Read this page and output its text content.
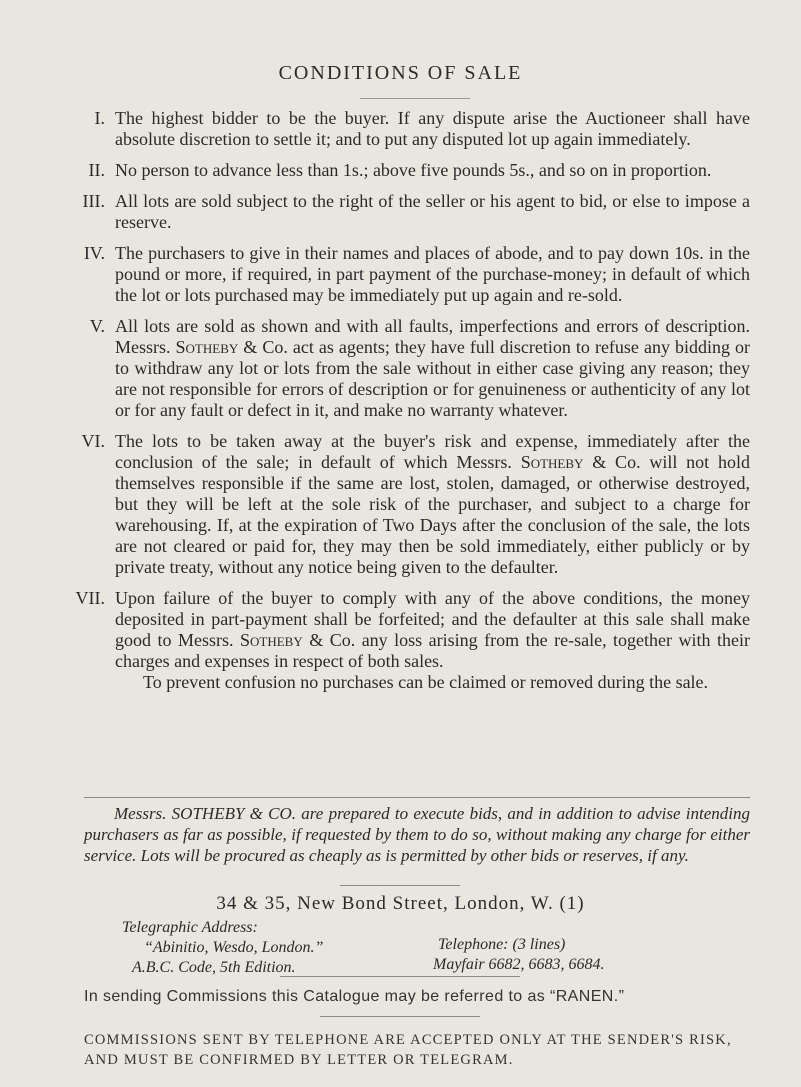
CONDITIONS OF SALE
I. The highest bidder to be the buyer. If any dispute arise the Auctioneer shall have absolute discretion to settle it; and to put any disputed lot up again immediately.

II. No person to advance less than 1s.; above five pounds 5s., and so on in proportion.

III. All lots are sold subject to the right of the seller or his agent to bid, or else to impose a reserve.

IV. The purchasers to give in their names and places of abode, and to pay down 10s. in the pound or more, if required, in part payment of the purchase-money; in default of which the lot or lots purchased may be immediately put up again and re-sold.

V. All lots are sold as shown and with all faults, imperfections and errors of description. Messrs. Sotheby & Co. act as agents; they have full discretion to refuse any bidding or to withdraw any lot or lots from the sale without in either case giving any reason; they are not responsible for errors of description or for genuineness or authenticity of any lot or for any fault or defect in it, and make no warranty whatever.

VI. The lots to be taken away at the buyer's risk and expense, immediately after the conclusion of the sale; in default of which Messrs. Sotheby & Co. will not hold themselves responsible if the same are lost, stolen, damaged, or otherwise destroyed, but they will be left at the sole risk of the purchaser, and subject to a charge for warehousing. If, at the expiration of Two Days after the conclusion of the sale, the lots are not cleared or paid for, they may then be sold immediately, either publicly or by private treaty, without any notice being given to the defaulter.

VII. Upon failure of the buyer to comply with any of the above conditions, the money deposited in part-payment shall be forfeited; and the defaulter at this sale shall make good to Messrs. Sotheby & Co. any loss arising from the re-sale, together with their charges and expenses in respect of both sales.

To prevent confusion no purchases can be claimed or removed during the sale.

Messrs. SOTHEBY & CO. are prepared to execute bids, and in addition to advise intending purchasers as far as possible, if requested by them to do so, without making any charge for either service. Lots will be procured as cheaply as is permitted by other bids or reserves, if any.
34 & 35, New Bond Street, London, W. (1)
Telegraphic Address:
“Abinitio, Wesdo, London.”
A.B.C. Code, 5th Edition.
Telephone: (3 lines)
Mayfair 6682, 6683, 6684.
In sending Commissions this Catalogue may be referred to as “RANEN.”
COMMISSIONS SENT BY TELEPHONE ARE ACCEPTED ONLY AT THE SENDER'S RISK, AND MUST BE CONFIRMED BY LETTER OR TELEGRAM.
